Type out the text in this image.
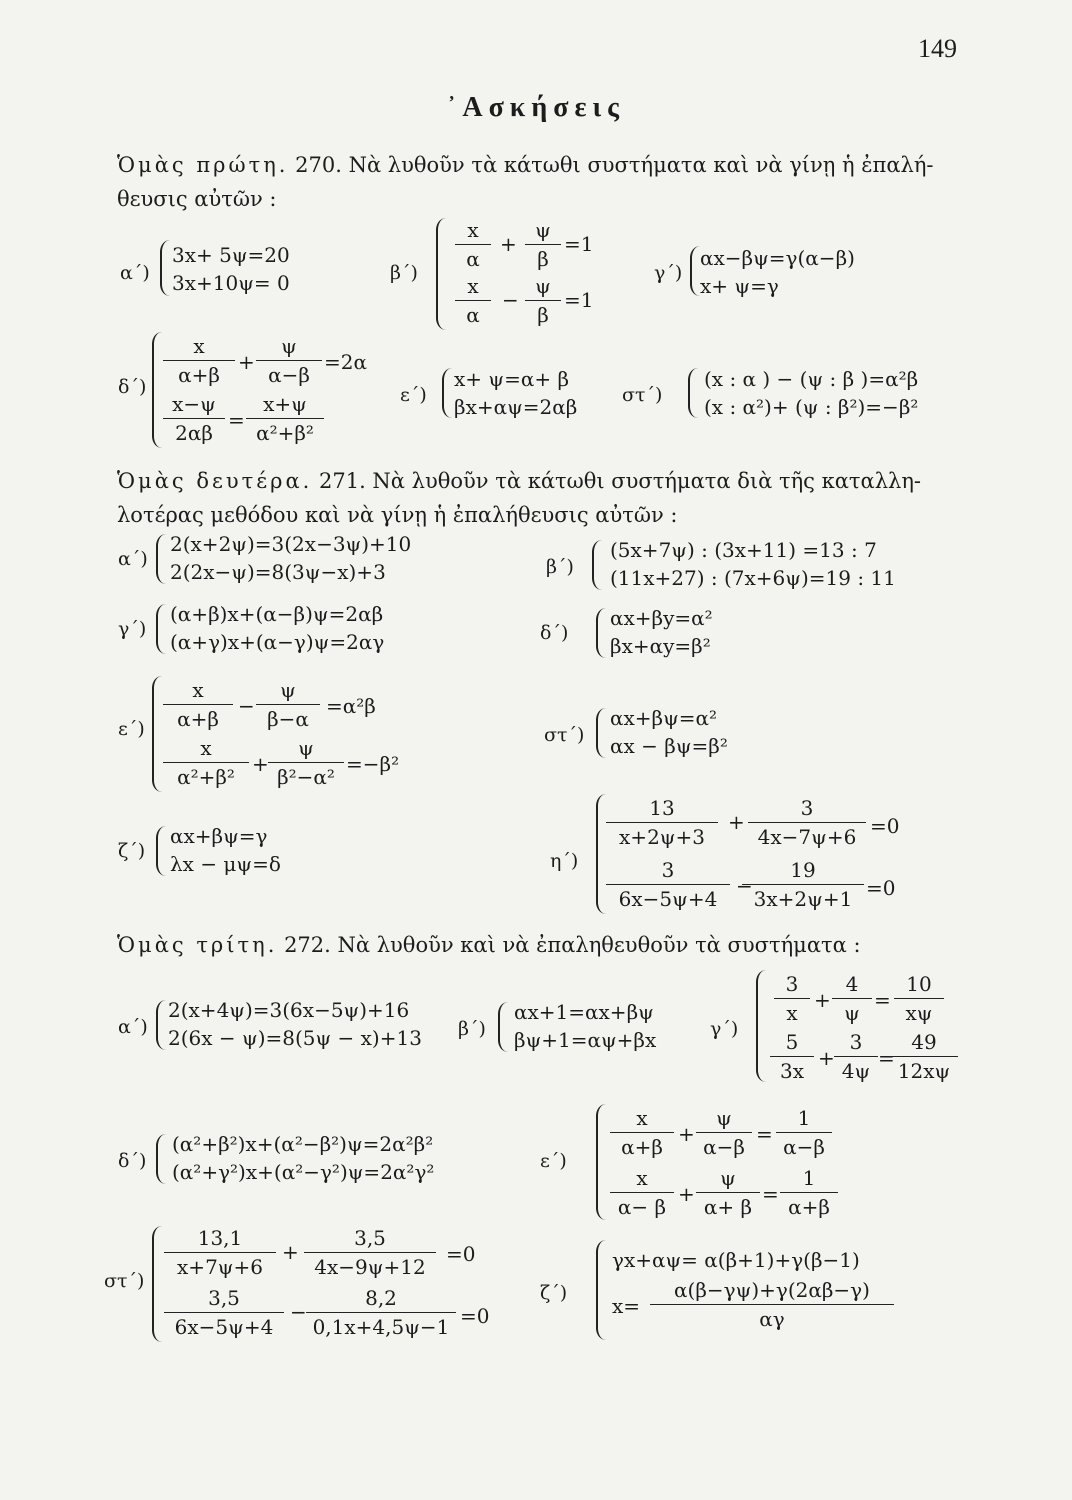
149
᾿Ασκήσεις
Ὁμὰς πρώτη. 270. Νὰ λυθοῦν τὰ κάτωθι συστήματα καὶ νὰ γίνῃ ἡ ἐπαλή-
θευσις αὐτῶν :
α΄)
3x+ 5ψ=20
3x+10ψ= 0	β΄)
$\frac{x}{\alpha} + \frac{\psi}{\beta} =1$
$\frac{x}{\alpha} - \frac{\psi}{\beta} =1$
γ΄)
αx−βψ=γ(α−β)
x+ ψ=γ
$\delta΄) \frac{x}{\alpha+\beta} + \frac{\psi}{\alpha-\beta} =2\alpha$
$\frac{x-\psi}{2\alpha\beta} = \frac{x+\psi}{\text{α²+β²}}$	ε΄)
x+ ψ=α+ β
βx+αψ=2αβ στ΄)
(x : α ) − (ψ : β )=α²β
(x : α²)+ (ψ : β²)=−β²
Ὁμὰς δευτέρα. 271. Νὰ λυθοῦν τὰ κάτωθι συστήματα διὰ τῆς καταλλη-
λοτέρας μεθόδου καὶ νὰ γίνῃ ἡ ἐπαλήθευσις αὐτῶν :
α΄)
2(x+2ψ)=3(2x−3ψ)+10
2(2x−ψ)=8(3ψ−x)+3	β΄)
(5x+7ψ) : (3x+11) =13 : 7
(11x+27) : (7x+6ψ)=19 : 11
γ΄)
(α+β)x+(α−β)ψ=2αβ
(α+γ)x+(α−γ)ψ=2αγ	δ΄)
αx+βy=α²
βx+αy=β²
$\varepsilon΄) \frac{x}{\alpha+\beta} - \frac{\psi}{\beta-\alpha} =\alpha^2\beta$
$\frac{x}{\text{α²+β²}} + \frac{\psi}{\text{β²−α²}} =-\beta^2$
στ΄)
αx+βψ=α²
αx − βψ=β²
ζ΄)
αx+βψ=γ
λx − μψ=δ	η΄)
$\frac{13}{x+2\psi+3} + \frac{3}{4x-7\psi+6} =0$
$\frac{3}{6x-5\psi+4}$ −
$\frac{19}{3x+2\psi+1} =0$
Ὁμὰς τρίτη. 272. Νὰ λυθοῦν καὶ νὰ ἐπαληθευθοῦν τὰ συστήματα :
α΄)
2(x+4ψ)=3(6x−5ψ)+16
2(6x − ψ)=8(5ψ − x)+13 β΄)
αx+1=αx+βψ
βψ+1=αψ+βx	γ΄)
$\frac{3}{x} + \frac{4}{\psi} = \frac{10}{x\psi}$
$\frac{5}{3x} + \frac{3}{4\psi}$ =
$\frac{49}{12x\psi}$
δ΄)
(α²+β²)x+(α²−β²)ψ=2α²β²
(α²+γ²)x+(α²−γ²)ψ=2α²γ²	ε΄)
$\frac{x}{\alpha+\beta} + \frac{\psi}{\alpha-\beta} = \frac{1}{\alpha-\beta}$
$\frac{x}{\alpha- \beta} + \frac{\psi}{\alpha+ \beta} = \frac{1}{\alpha+\beta}$
στ΄)
$\frac{13,1}{x+7\psi+6} + \frac{3,5}{4x-9\psi+12} =0$
$\frac{3,5}{6x-5\psi+4} - \frac{8,2}{0,1x+4,5\psi-1} =0$
ζ΄)
γx+αψ= α(β+1)+γ(β−1)
$x= \frac{\alpha(\beta-\gamma\psi)+\gamma(2\alpha\beta-\gamma)}{\alpha\gamma}$
